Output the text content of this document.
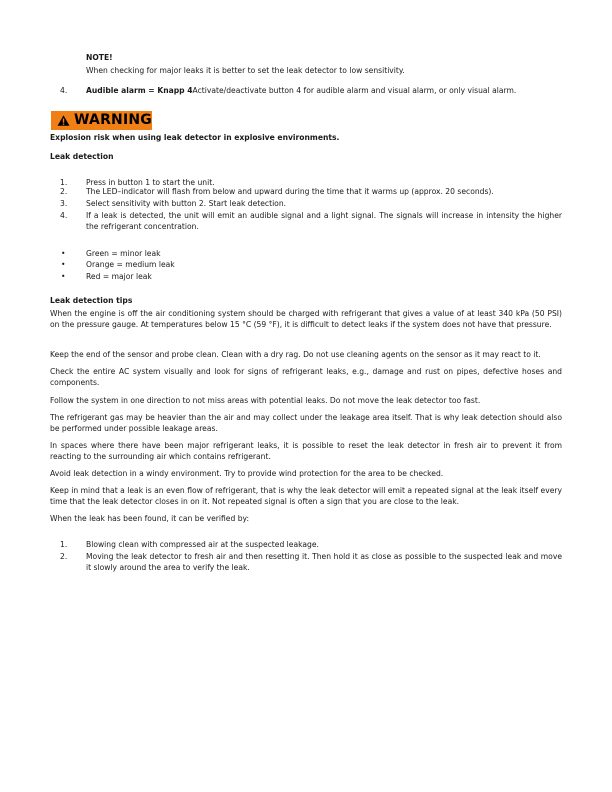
NOTE!

When checking for major leaks it is better to set the leak detector to low sensitivity.

4. Audible alarm = Knapp 4Activate/deactivate button 4 for audible alarm and visual alarm, or only visual alarm.

WARNING

Explosion risk when using leak detector in explosive environments.

Leak detection

1. Press in button 1 to start the unit.

2. The LED–indicator will flash from below and upward during the time that it warms up (approx. 20 seconds).

3. Select sensitivity with button 2. Start leak detection.

4. If a leak is detected, the unit will emit an audible signal and a light signal. The signals will increase in intensity the higher the refrigerant concentration.

•	Green = minor leak

•	Orange = medium leak

•	Red = major leak

Leak detection tips

When the engine is off the air conditioning system should be charged with refrigerant that gives a value of at least 340 kPa (50 PSI) on the pressure gauge. At temperatures below 15 °C (59 °F), it is difficult to detect leaks if the system does not have that pressure.

Keep the end of the sensor and probe clean. Clean with a dry rag. Do not use cleaning agents on the sensor as it may react to it.

Check the entire AC system visually and look for signs of refrigerant leaks, e.g., damage and rust on pipes, defective hoses and components.

Follow the system in one direction to not miss areas with potential leaks. Do not move the leak detector too fast.

The refrigerant gas may be heavier than the air and may collect under the leakage area itself. That is why leak detection should also be performed under possible leakage areas.

In spaces where there have been major refrigerant leaks, it is possible to reset the leak detector in fresh air to prevent it from reacting to the surrounding air which contains refrigerant.

Avoid leak detection in a windy environment. Try to provide wind protection for the area to be checked.

Keep in mind that a leak is an even flow of refrigerant, that is why the leak detector will emit a repeated signal at the leak itself every time that the leak detector closes in on it. Not repeated signal is often a sign that you are close to the leak.

When the leak has been found, it can be verified by:

1. Blowing clean with compressed air at the suspected leakage.

2. Moving the leak detector to fresh air and then resetting it. Then hold it as close as possible to the suspected leak and move it slowly around the area to verify the leak.
